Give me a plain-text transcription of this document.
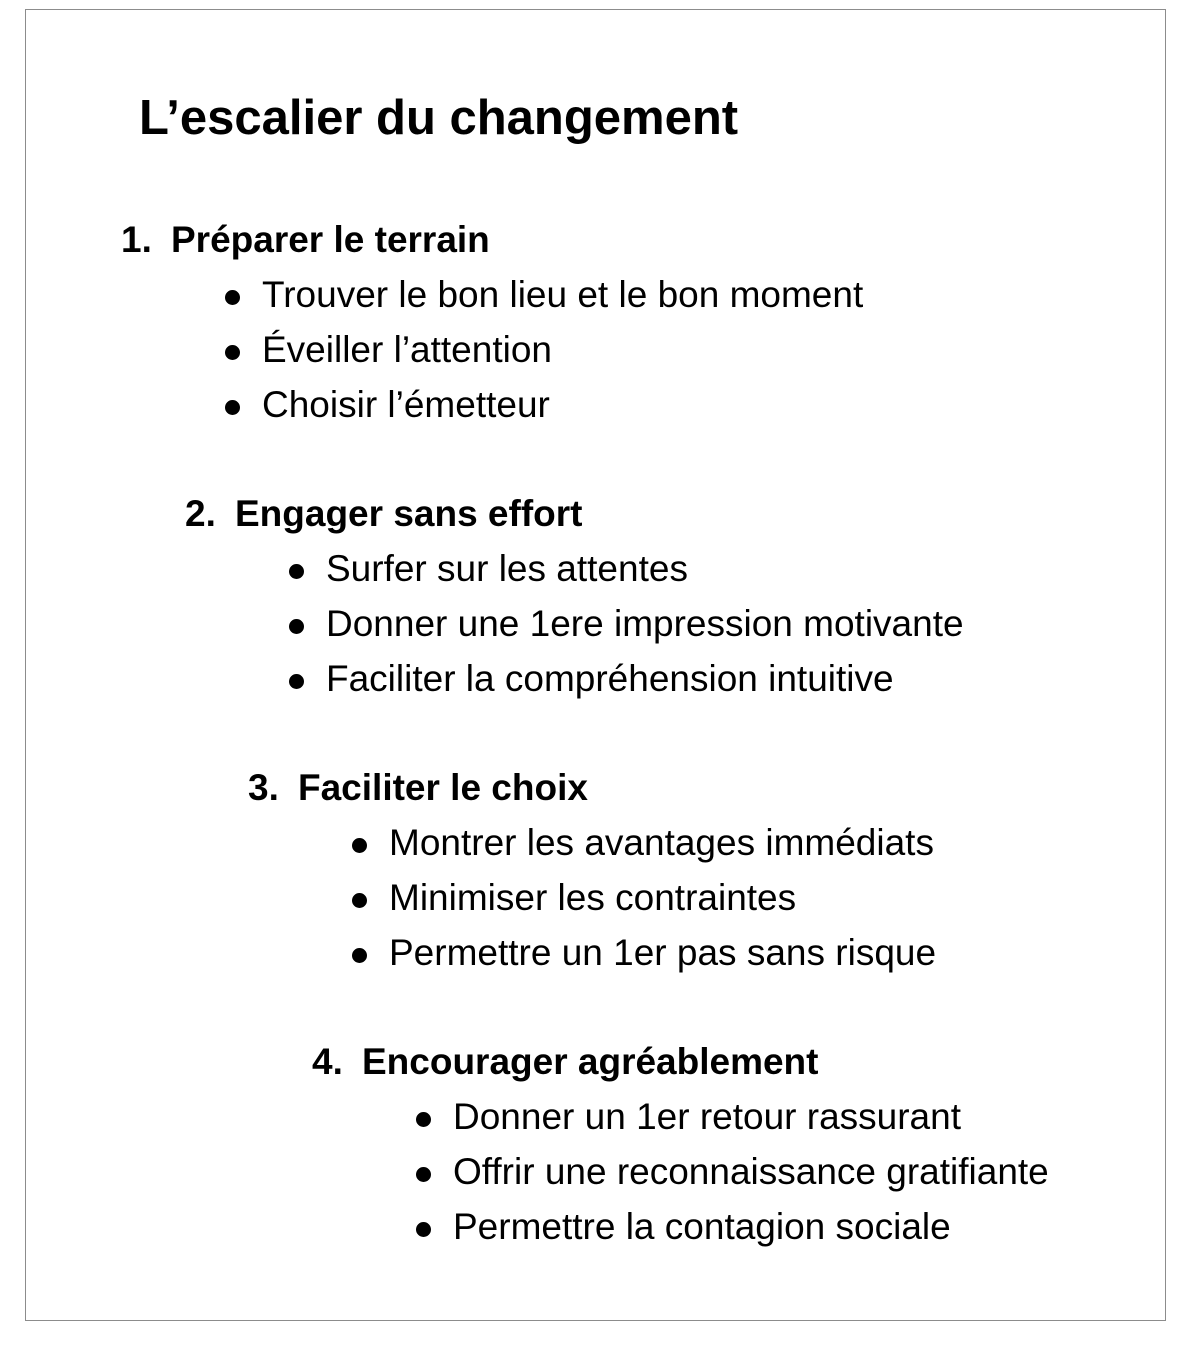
L’escalier du changement
1. Préparer le terrain
Trouver le bon lieu et le bon moment
Éveiller l’attention
Choisir l’émetteur
2. Engager sans effort
Surfer sur les attentes
Donner une 1ere impression motivante
Faciliter la compréhension intuitive
3. Faciliter le choix
Montrer les avantages immédiats
Minimiser les contraintes
Permettre un 1er pas sans risque
4. Encourager agréablement
Donner un 1er retour rassurant
Offrir une reconnaissance gratifiante
Permettre la contagion sociale
